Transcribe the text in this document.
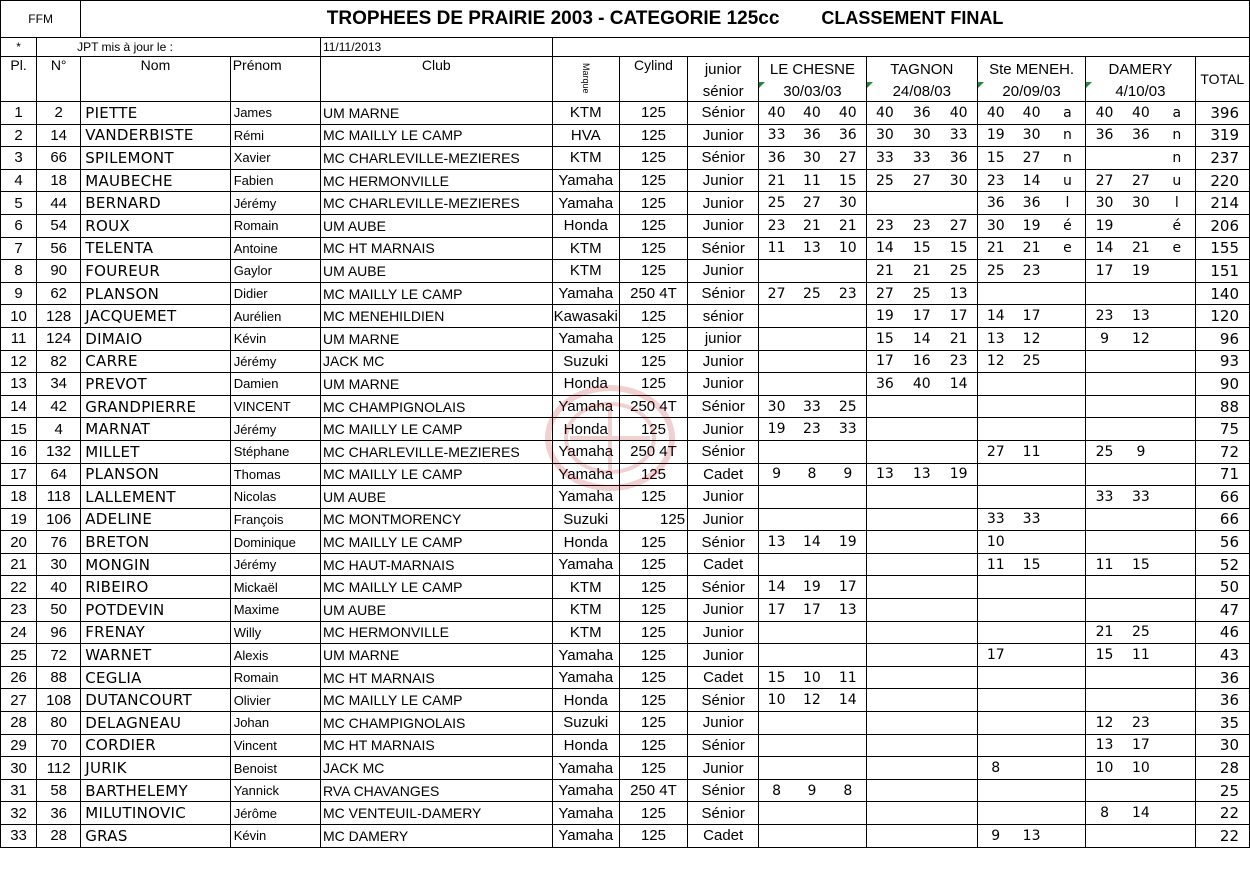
FFM		TROPHEES DE PRAIRIE 2003 - CATEGORIE 125cc CLASSEMENT FINAL																		
*	JPT mis à jour le :			11/11/2013																
Pl.	N°	Nom	Prénom	Club	Marque	Cylind	junior	LE CHESNE			TAGNON			Ste MENEH.			DAMERY			TOTAL
							sénior	30/03/03			24/08/03			20/09/03			4/10/03			
1	2	PIETTE	James	UM MARNE	KTM	125	Sénior	40	40	40	40	36	40	40	40	a	40	40	a	396
2	14	VANDERBISTE	Rémi	MC MAILLY LE CAMP	HVA	125	Junior	33	36	36	30	30	33	19	30	n	36	36	n	319
3	66	SPILEMONT	Xavier	MC CHARLEVILLE-MEZIERES	KTM	125	Sénior	36	30	27	33	33	36	15	27	n			n	237
4	18	MAUBECHE	Fabien	MC HERMONVILLE	Yamaha	125	Junior	21	11	15	25	27	30	23	14	u	27	27	u	220
5	44	BERNARD	Jérémy	MC CHARLEVILLE-MEZIERES	Yamaha	125	Junior	25	27	30				36	36	l	30	30	l	214
6	54	ROUX	Romain	UM AUBE	Honda	125	Junior	23	21	21	23	23	27	30	19	é	19		é	206
7	56	TELENTA	Antoine	MC HT MARNAIS	KTM	125	Sénior	11	13	10	14	15	15	21	21	e	14	21	e	155
8	90	FOUREUR	Gaylor	UM AUBE	KTM	125	Junior				21	21	25	25	23		17	19		151
9	62	PLANSON	Didier	MC MAILLY LE CAMP	Yamaha	250 4T	Sénior	27	25	23	27	25	13							140
10	128	JACQUEMET	Aurélien	MC MENEHILDIEN	Kawasaki	125	sénior				19	17	17	14	17		23	13		120
11	124	DIMAIO	Kévin	UM MARNE	Yamaha	125	junior				15	14	21	13	12		9	12		96
12	82	CARRE	Jérémy	JACK MC	Suzuki	125	Junior				17	16	23	12	25					93
13	34	PREVOT	Damien	UM MARNE	Honda	125	Junior				36	40	14							90
14	42	GRANDPIERRE	VINCENT	MC CHAMPIGNOLAIS	Yamaha	250 4T	Sénior	30	33	25										88
15	4	MARNAT	Jérémy	MC MAILLY LE CAMP	Honda	125	Junior	19	23	33										75
16	132	MILLET	Stéphane	MC CHARLEVILLE-MEZIERES	Yamaha	250 4T	Sénior							27	11		25	9		72
17	64	PLANSON	Thomas	MC MAILLY LE CAMP	Yamaha	125	Cadet	9	8	9	13	13	19							71
18	118	LALLEMENT	Nicolas	UM AUBE	Yamaha	125	Junior										33	33		66
19	106	ADELINE	François	MC MONTMORENCY	Suzuki	125	Junior							33	33					66
20	76	BRETON	Dominique	MC MAILLY LE CAMP	Honda	125	Sénior	13	14	19				10						56
21	30	MONGIN	Jérémy	MC HAUT-MARNAIS	Yamaha	125	Cadet							11	15		11	15		52
22	40	RIBEIRO	Mickaël	MC MAILLY LE CAMP	KTM	125	Sénior	14	19	17										50
23	50	POTDEVIN	Maxime	UM AUBE	KTM	125	Junior	17	17	13										47
24	96	FRENAY	Willy	MC HERMONVILLE	KTM	125	Junior										21	25		46
25	72	WARNET	Alexis	UM MARNE	Yamaha	125	Junior							17			15	11		43
26	88	CEGLIA	Romain	MC HT MARNAIS	Yamaha	125	Cadet	15	10	11										36
27	108	DUTANCOURT	Olivier	MC MAILLY LE CAMP	Honda	125	Sénior	10	12	14										36
28	80	DELAGNEAU	Johan	MC CHAMPIGNOLAIS	Suzuki	125	Junior										12	23		35
29	70	CORDIER	Vincent	MC HT MARNAIS	Honda	125	Sénior										13	17		30
30	112	JURIK	Benoist	JACK MC	Yamaha	125	Junior							8			10	10		28
31	58	BARTHELEMY	Yannick	RVA CHAVANGES	Yamaha	250 4T	Sénior	8	9	8										25
32	36	MILUTINOVIC	Jérôme	MC VENTEUIL-DAMERY	Yamaha	125	Sénior										8	14		22
33	28	GRAS	Kévin	MC DAMERY	Yamaha	125	Cadet							9	13					22
